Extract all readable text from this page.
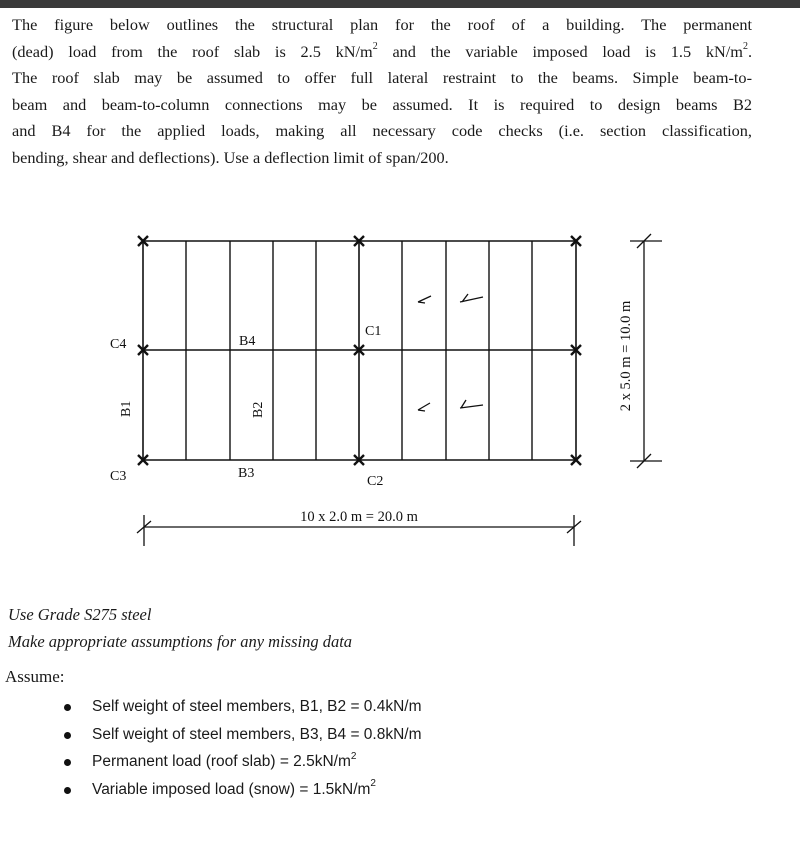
The figure below outlines the structural plan for the roof of a building. The permanent
(dead) load from the roof slab is 2.5 $kN/m^2$ and the variable imposed load is 1.5 $kN/m^2$.
The roof slab may be assumed to offer full lateral restraint to the beams. Simple beam-to-
beam and beam-to-column connections may be assumed. It is required to design beams B2
and B4 for the applied loads, making all necessary code checks (i.e. section classification,
bending, shear and deflections). Use a deflection limit of span/200.
C4
C3
C1
C2
B4
B3
B1	B2
10 x 2.0 m = 20.0 m
2 x 5.0 m = 10.0 m
Use Grade S275 steel
Make appropriate assumptions for any missing data
Assume:
Self weight of steel members, B1, B2 = 0.4kN/m
Self weight of steel members, B3, B4 = 0.8kN/m
Permanent load (roof slab) = $2.5kN/m^2$
Variable imposed load (snow) = $1.5kN/m^2$
